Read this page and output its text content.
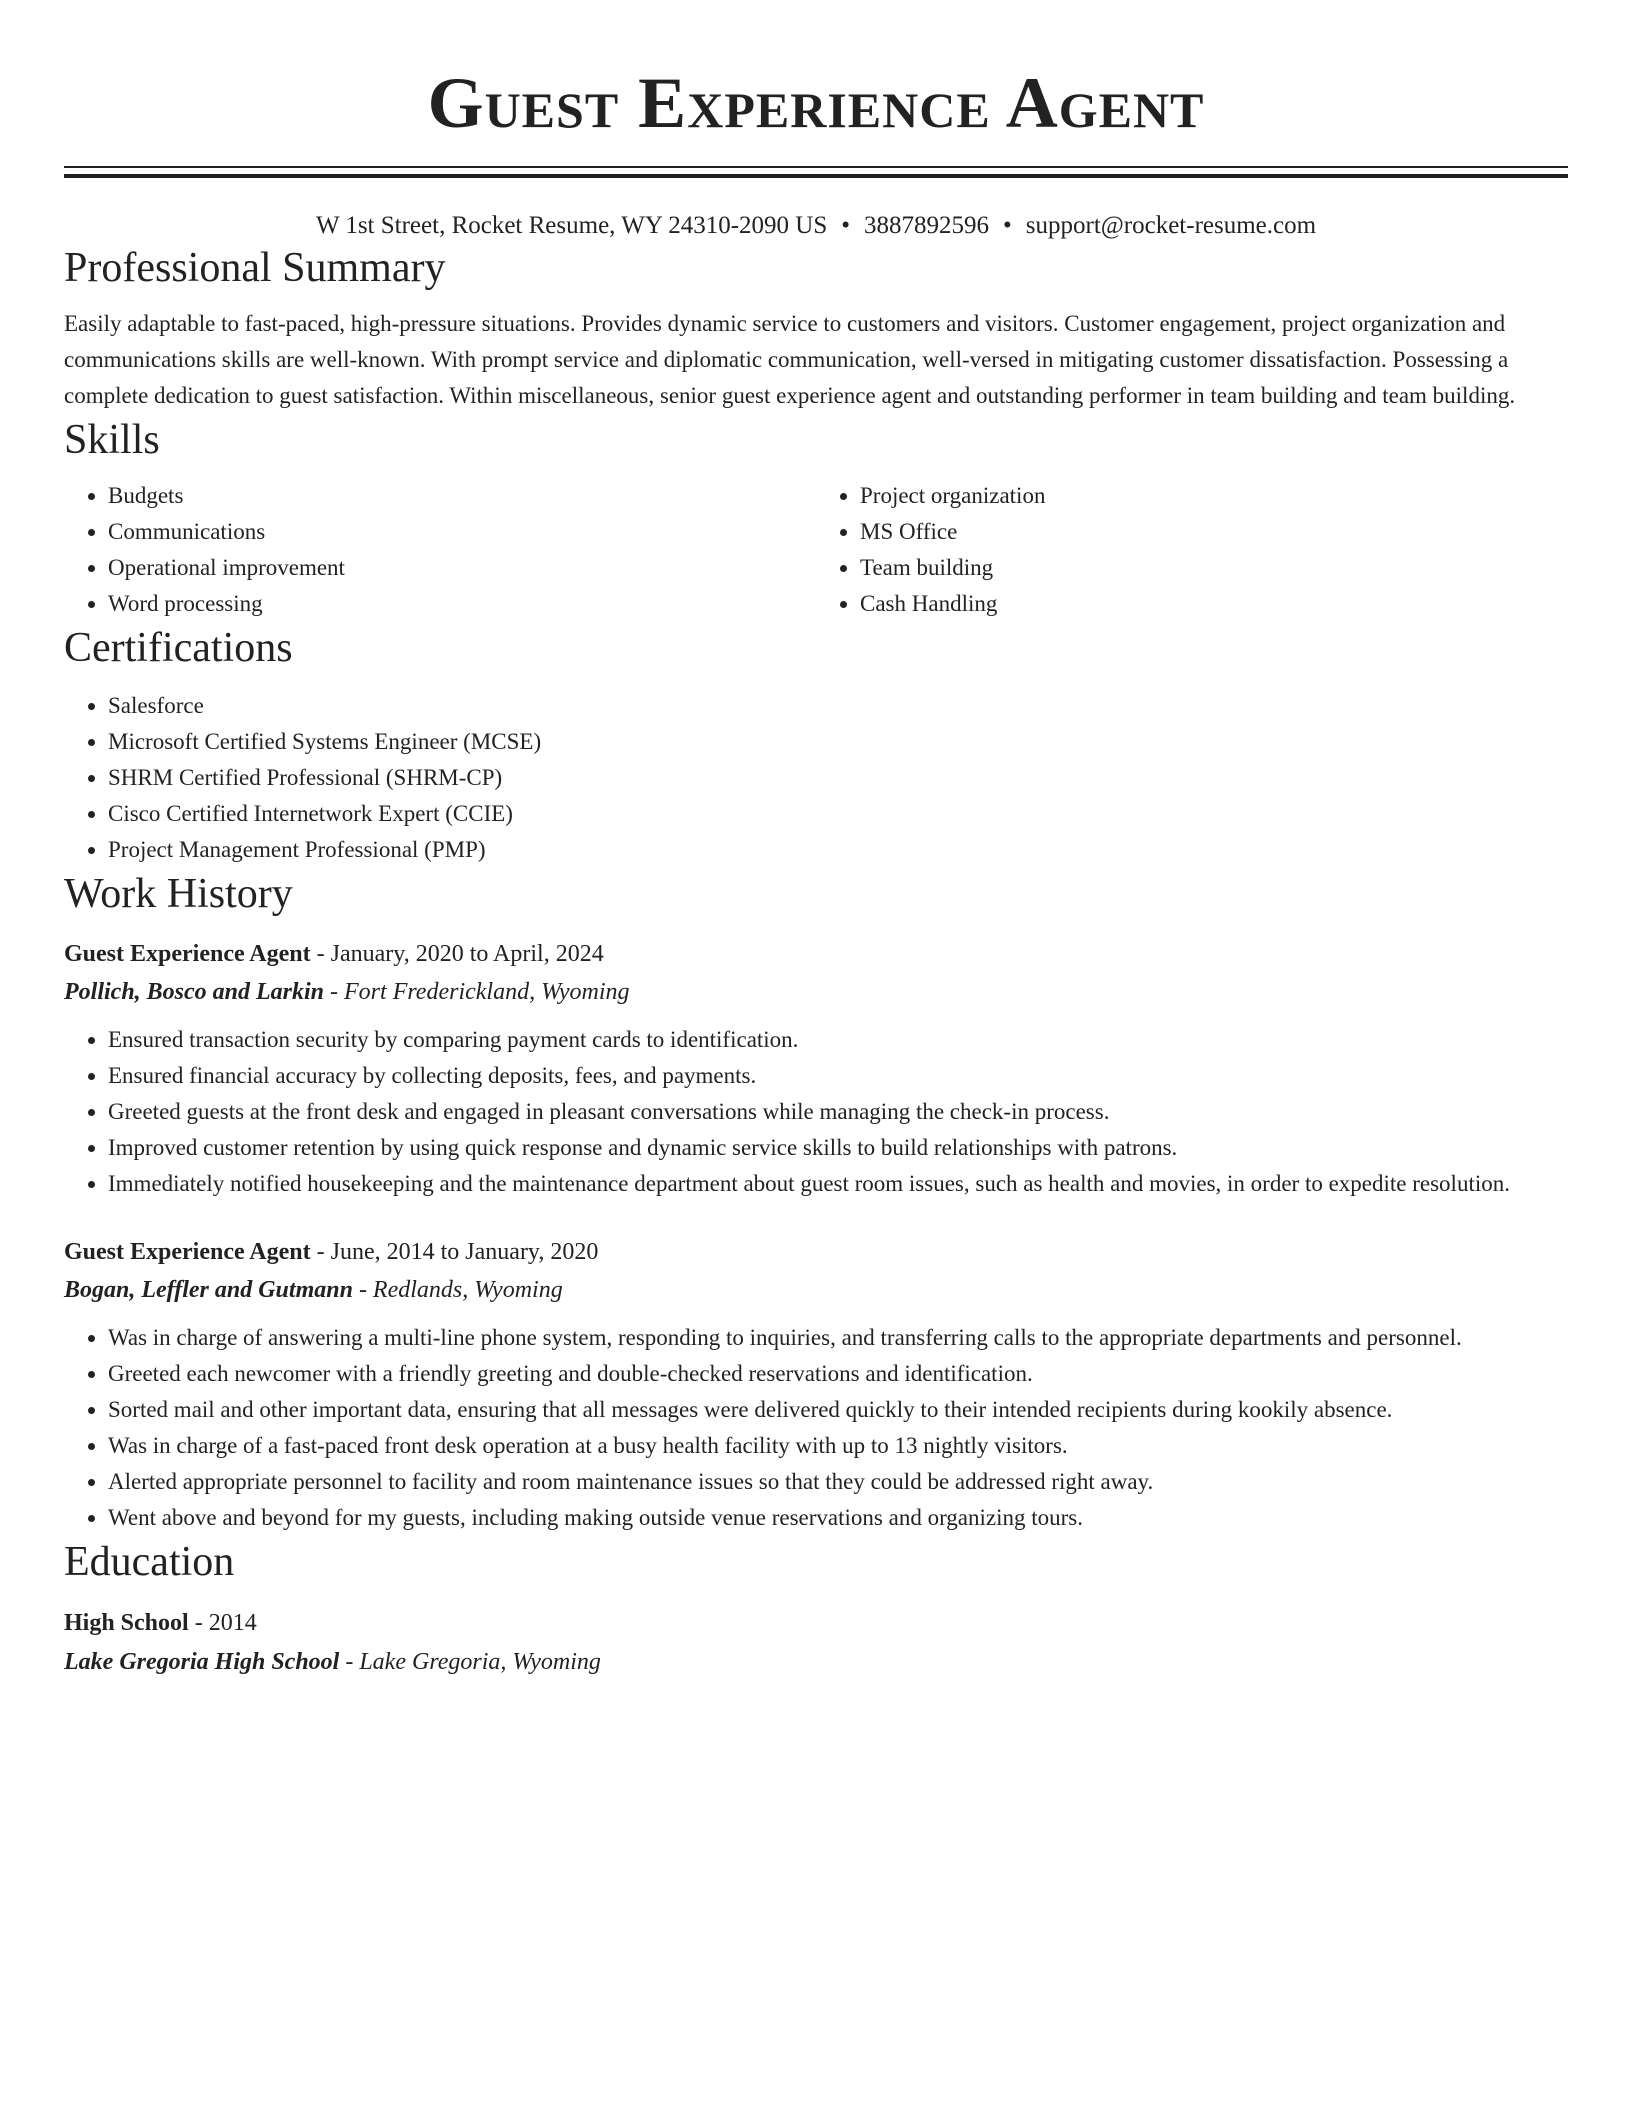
Guest Experience Agent
W 1st Street, Rocket Resume, WY 24310-2090 US • 3887892596 • support@rocket-resume.com
Professional Summary

Easily adaptable to fast-paced, high-pressure situations. Provides dynamic service to customers and visitors. Customer engagement, project organization and communications skills are well-known. With prompt service and diplomatic communication, well-versed in mitigating customer dissatisfaction. Possessing a complete dedication to guest satisfaction. Within miscellaneous, senior guest experience agent and outstanding performer in team building and team building.

Skills
• Budgets
• Communications
• Operational improvement
• Word processing
• Project organization
• MS Office
• Team building
• Cash Handling
Certifications
• Salesforce
• Microsoft Certified Systems Engineer (MCSE)
• SHRM Certified Professional (SHRM-CP)
• Cisco Certified Internetwork Expert (CCIE)
• Project Management Professional (PMP)
Work History
Guest Experience Agent - January, 2020 to April, 2024
Pollich, Bosco and Larkin - Fort Frederickland, Wyoming
• Ensured transaction security by comparing payment cards to identification.
• Ensured financial accuracy by collecting deposits, fees, and payments.
• Greeted guests at the front desk and engaged in pleasant conversations while managing the check-in process.
• Improved customer retention by using quick response and dynamic service skills to build relationships with patrons.
• Immediately notified housekeeping and the maintenance department about guest room issues, such as health and movies, in order to expedite resolution.
Guest Experience Agent - June, 2014 to January, 2020
Bogan, Leffler and Gutmann - Redlands, Wyoming
• Was in charge of answering a multi-line phone system, responding to inquiries, and transferring calls to the appropriate departments and personnel.
• Greeted each newcomer with a friendly greeting and double-checked reservations and identification.
• Sorted mail and other important data, ensuring that all messages were delivered quickly to their intended recipients during kookily absence.
• Was in charge of a fast-paced front desk operation at a busy health facility with up to 13 nightly visitors.
• Alerted appropriate personnel to facility and room maintenance issues so that they could be addressed right away.
• Went above and beyond for my guests, including making outside venue reservations and organizing tours.
Education
High School - 2014
Lake Gregoria High School - Lake Gregoria, Wyoming
